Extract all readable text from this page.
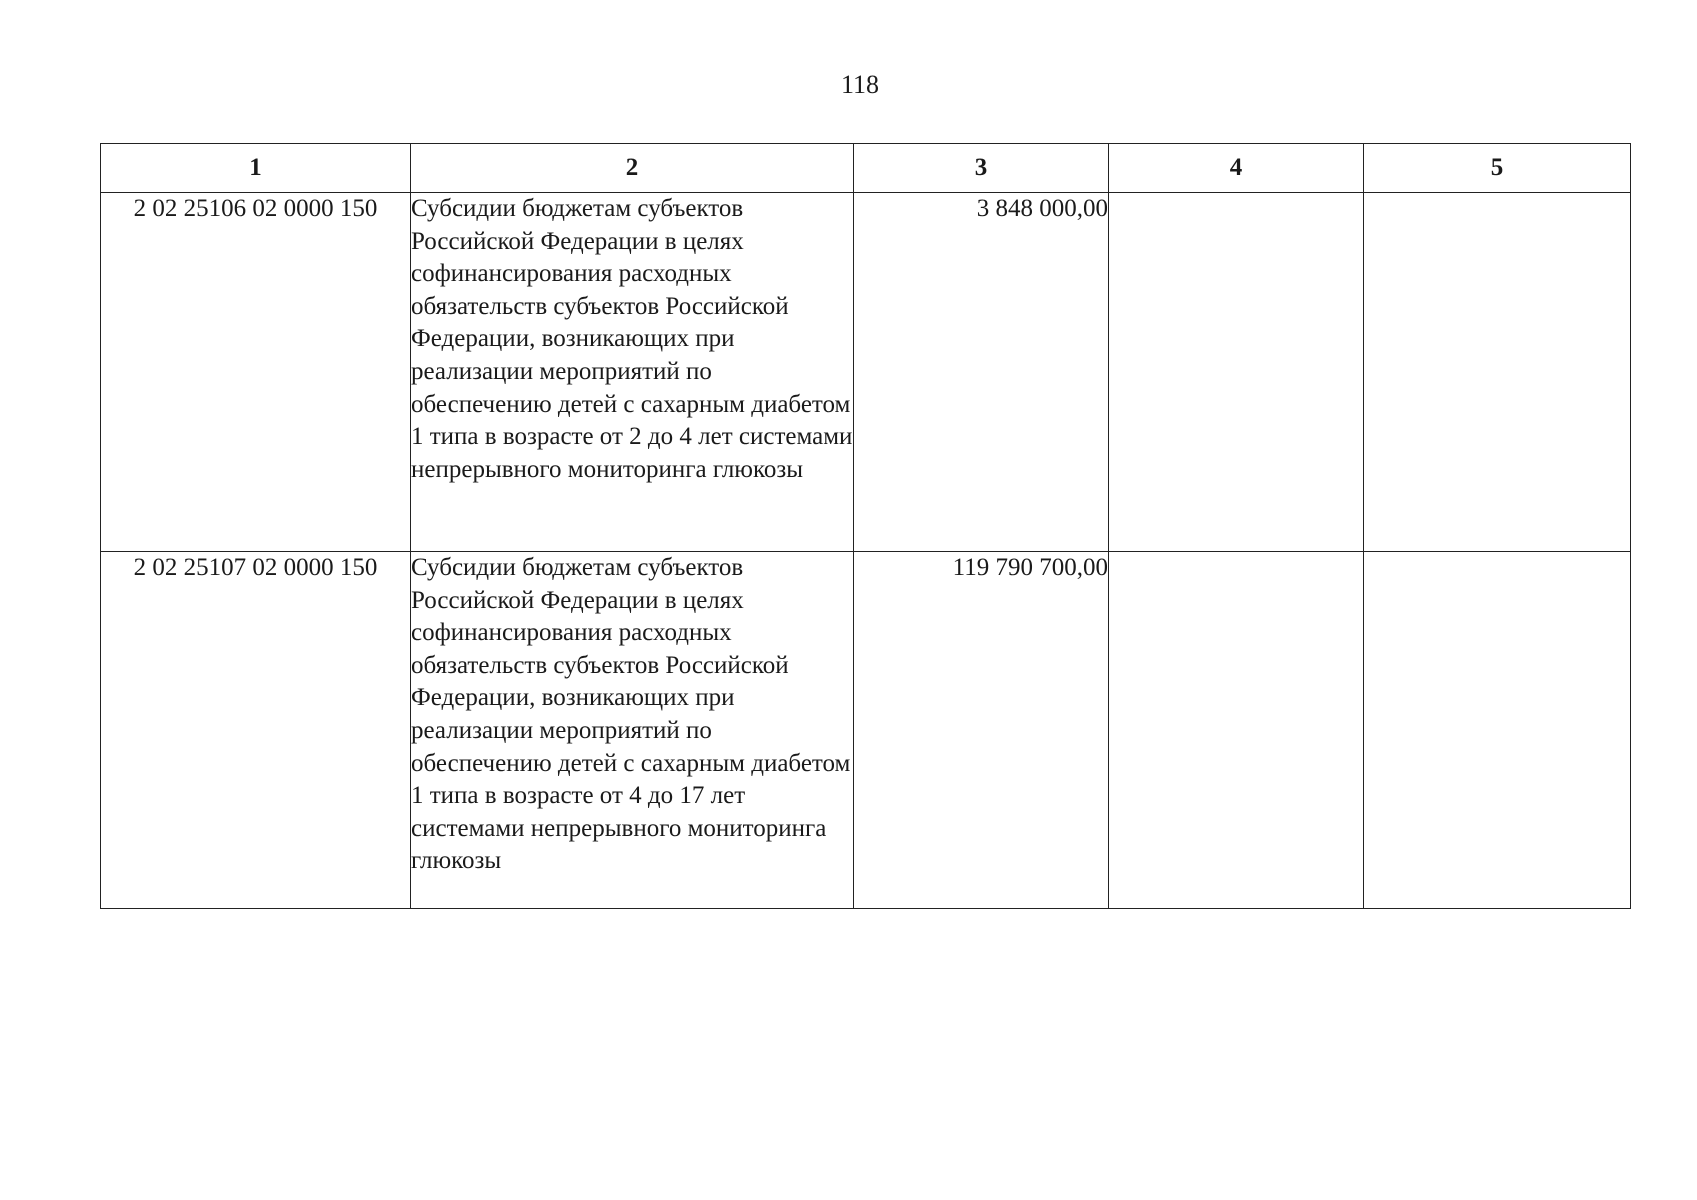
118
1	2	3	4	5
2 02 25106 02 0000 150	Субсидии бюджетам субъектов Российской Федерации в целях софинансирования расходных обязательств субъектов Российской Федерации, возникающих при реализации мероприятий по обеспечению детей с сахарным диабетом 1 типа в возрасте от 2 до 4 лет системами непрерывного мониторинга глюкозы	3 848 000,00		
2 02 25107 02 0000 150	Субсидии бюджетам субъектов Российской Федерации в целях софинансирования расходных обязательств субъектов Российской Федерации, возникающих при реализации мероприятий по обеспечению детей с сахарным диабетом 1 типа в возрасте от 4 до 17 лет системами непрерывного мониторинга глюкозы	119 790 700,00		
